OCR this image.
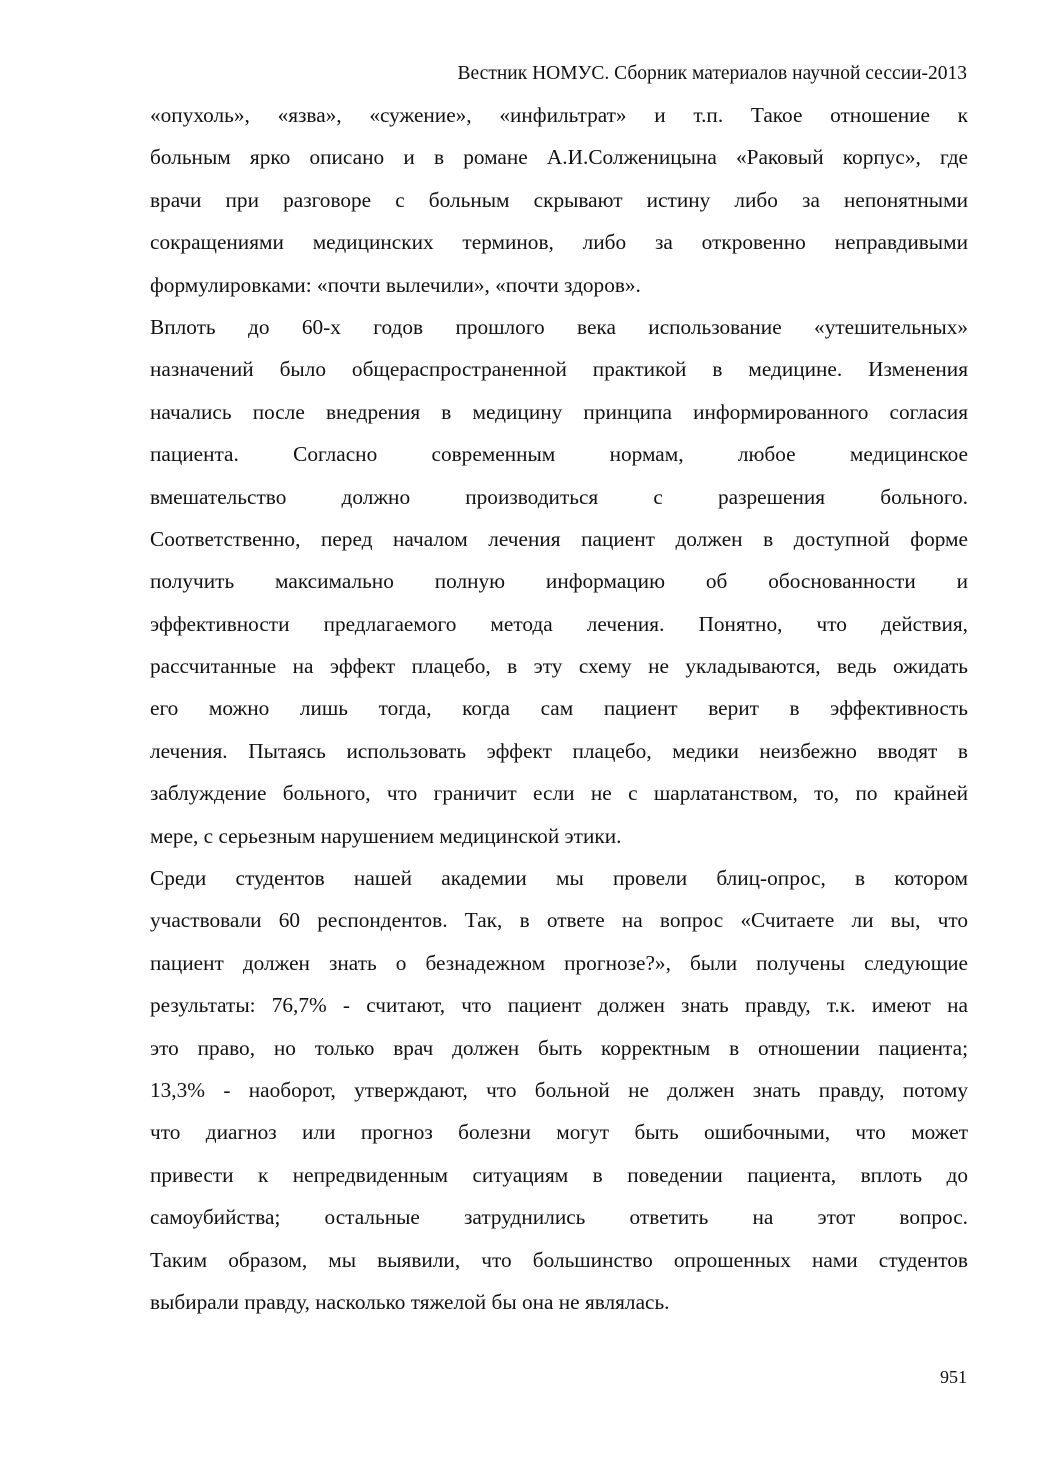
Вестник НОМУС. Сборник материалов научной сессии-2013
«опухоль», «язва», «сужение», «инфильтрат» и т.п. Такое отношение к
больным ярко описано и в романе А.И.Солженицына «Раковый корпус», где
врачи при разговоре с больным скрывают истину либо за непонятными
сокращениями медицинских терминов, либо за откровенно неправдивыми
формулировками: «почти вылечили», «почти здоров».
Вплоть до 60-х годов прошлого века использование «утешительных»
назначений было общераспространенной практикой в медицине. Изменения
начались после внедрения в медицину принципа информированного согласия
пациента. Согласно современным нормам, любое медицинское
вмешательство должно производиться с разрешения больного.
Соответственно, перед началом лечения пациент должен в доступной форме
получить максимально полную информацию об обоснованности и
эффективности предлагаемого метода лечения. Понятно, что действия,
рассчитанные на эффект плацебо, в эту схему не укладываются, ведь ожидать
его можно лишь тогда, когда сам пациент верит в эффективность
лечения. Пытаясь использовать эффект плацебо, медики неизбежно вводят в
заблуждение больного, что граничит если не с шарлатанством, то, по крайней
мере, с серьезным нарушением медицинской этики.
Среди студентов нашей академии мы провели блиц-опрос, в котором
участвовали 60 респондентов. Так, в ответе на вопрос «Считаете ли вы, что
пациент должен знать о безнадежном прогнозе?», были получены следующие
результаты: 76,7% - считают, что пациент должен знать правду, т.к. имеют на
это право, но только врач должен быть корректным в отношении пациента;
13,3% - наоборот, утверждают, что больной не должен знать правду, потому
что диагноз или прогноз болезни могут быть ошибочными, что может
привести к непредвиденным ситуациям в поведении пациента, вплоть до
самоубийства; остальные затруднились ответить на этот вопрос.
Таким образом, мы выявили, что большинство опрошенных нами студентов
выбирали правду, насколько тяжелой бы она не являлась.
951
